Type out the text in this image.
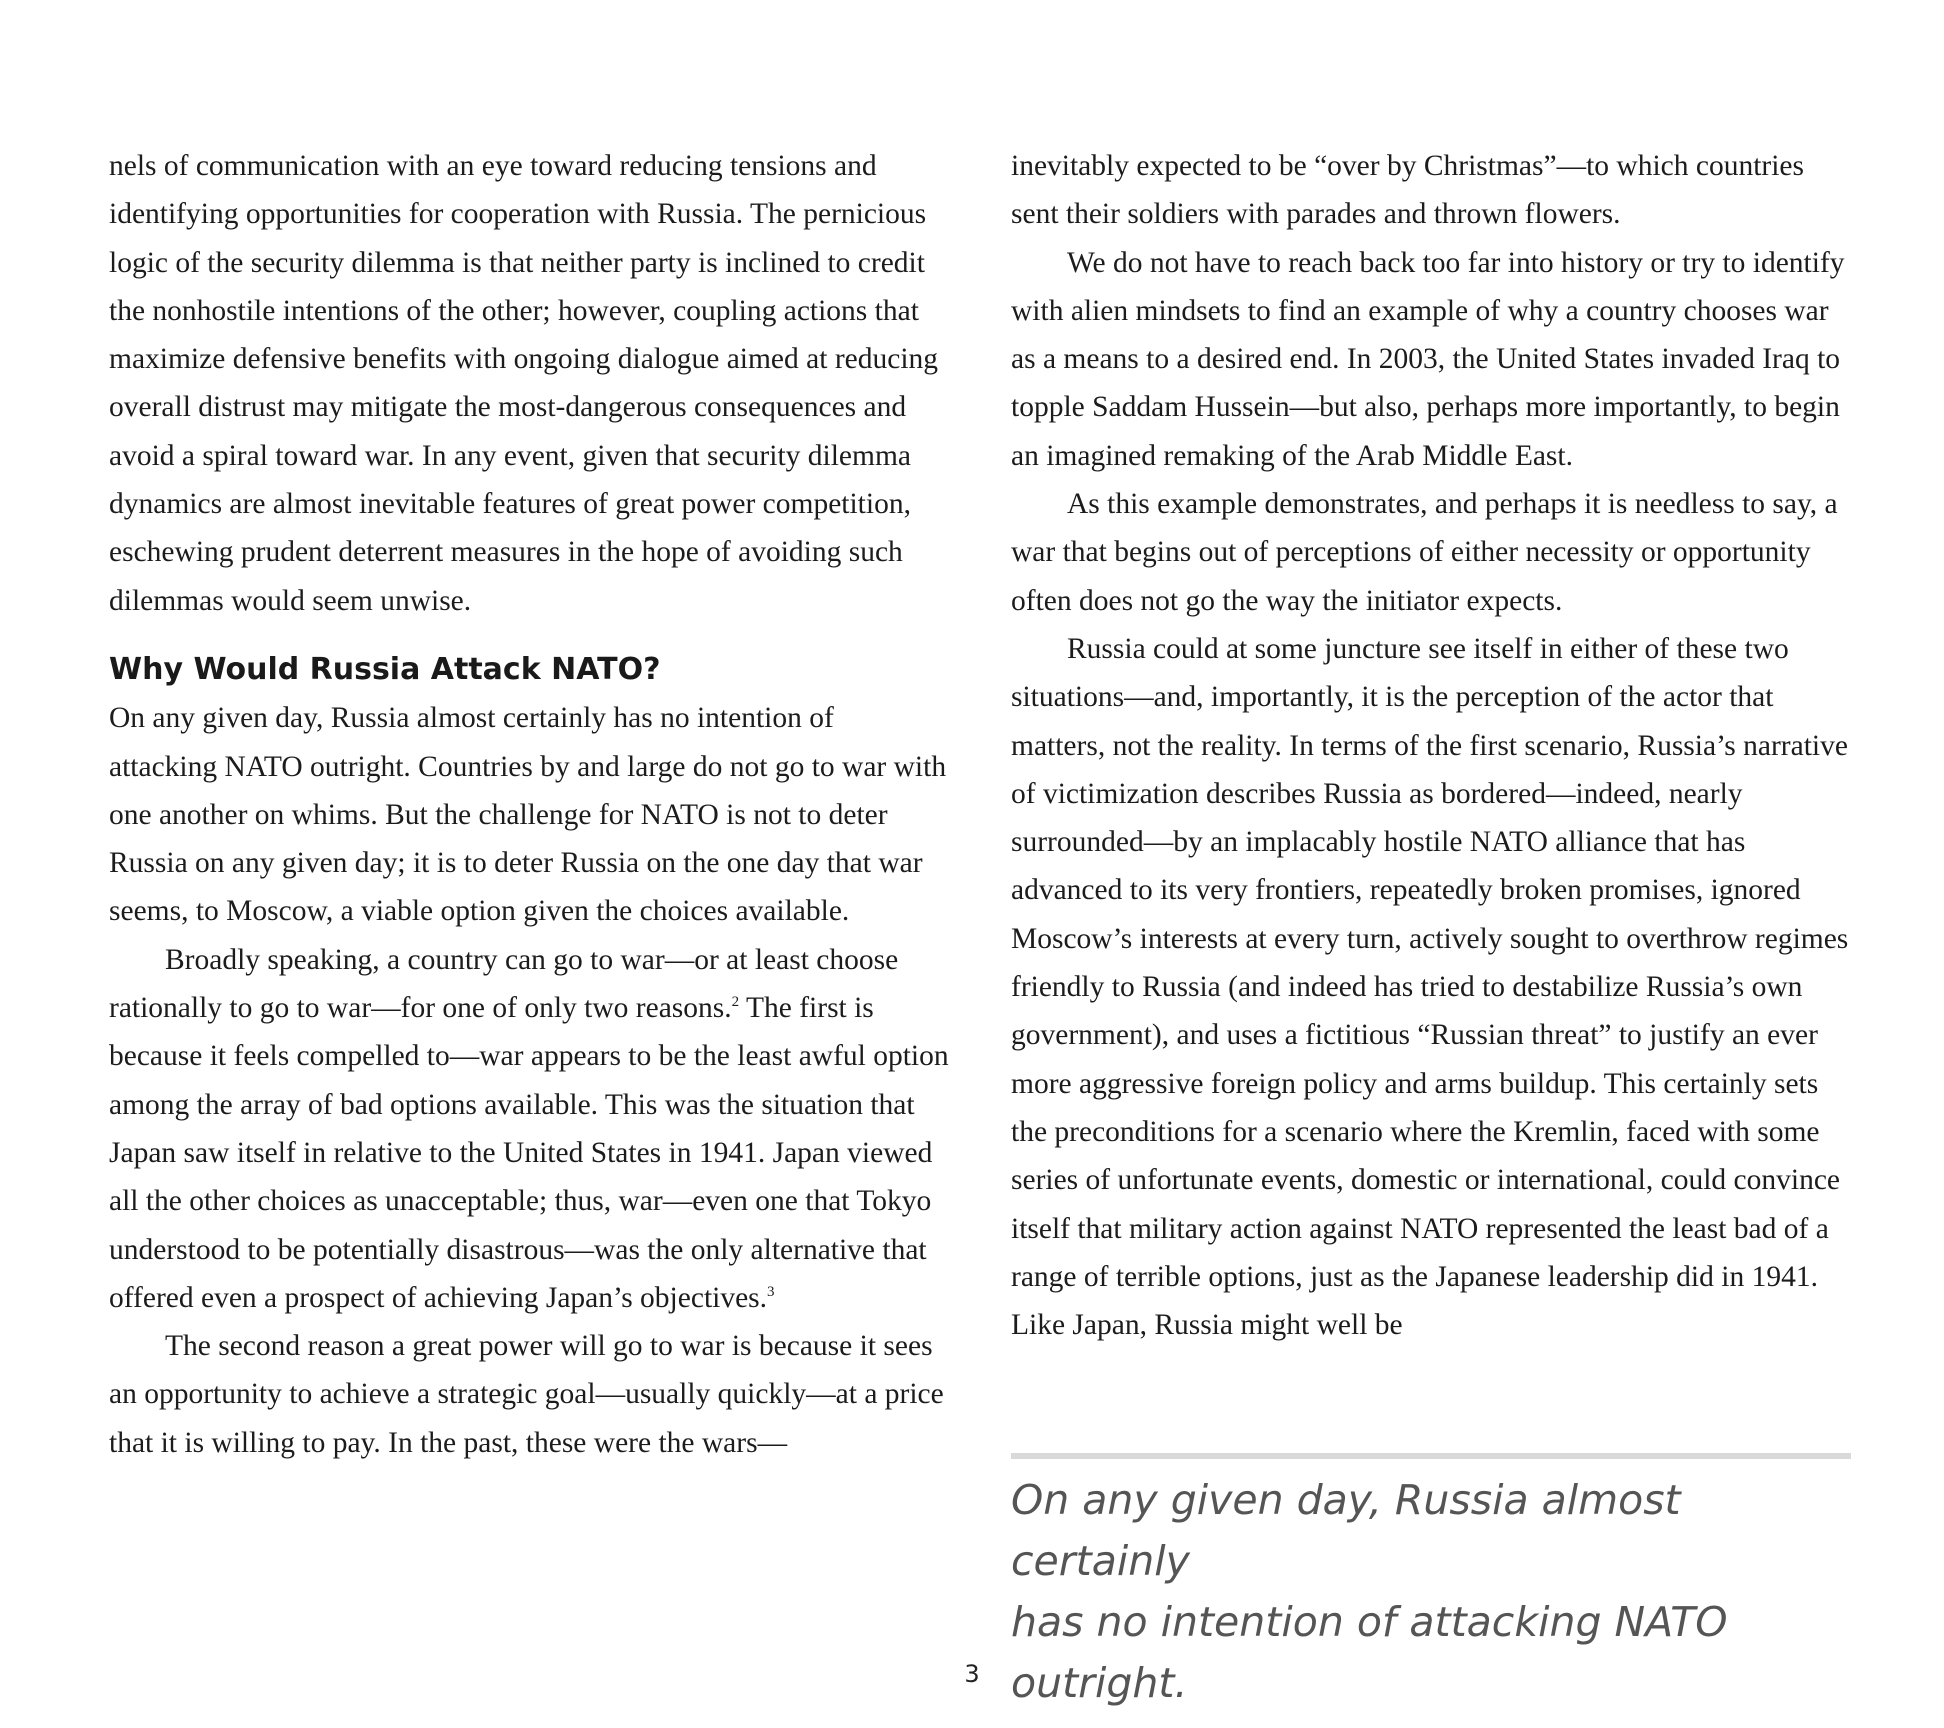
nels of communication with an eye toward reducing tensions and identifying opportunities for cooperation with Russia. The pernicious logic of the security dilemma is that neither party is inclined to credit the nonhostile intentions of the other; however, coupling actions that maximize defensive benefits with ongoing dialogue aimed at reducing overall distrust may mitigate the most-dangerous consequences and avoid a spiral toward war. In any event, given that security dilemma dynamics are almost inevitable features of great power competition, eschewing prudent deterrent measures in the hope of avoiding such dilemmas would seem unwise.

Why Would Russia Attack NATO?

On any given day, Russia almost certainly has no intention of attacking NATO outright. Countries by and large do not go to war with one another on whims. But the challenge for NATO is not to deter Russia on any given day; it is to deter Russia on the one day that war seems, to Moscow, a viable option given the choices available.

Broadly speaking, a country can go to war—or at least choose rationally to go to war—for one of only two reasons.$^2$ The first is because it feels compelled to—war appears to be the least awful option among the array of bad options available. This was the situation that Japan saw itself in relative to the United States in 1941. Japan viewed all the other choices as unacceptable; thus, war—even one that Tokyo understood to be potentially disastrous—was the only alternative that offered even a prospect of achieving Japan’s objectives.$^3$

The second reason a great power will go to war is because it sees an opportunity to achieve a strategic goal—usually quickly—at a price that it is willing to pay. In the past, these were the wars—

inevitably expected to be “over by Christmas”—to which countries sent their soldiers with parades and thrown flowers.

We do not have to reach back too far into history or try to identify with alien mindsets to find an example of why a country chooses war as a means to a desired end. In 2003, the United States invaded Iraq to topple Saddam Hussein—but also, perhaps more importantly, to begin an imagined remaking of the Arab Middle East.

As this example demonstrates, and perhaps it is needless to say, a war that begins out of perceptions of either necessity or opportunity often does not go the way the initiator expects.

Russia could at some juncture see itself in either of these two situations—and, importantly, it is the perception of the actor that matters, not the reality. In terms of the first scenario, Russia’s narrative of victimization describes Russia as bordered—indeed, nearly surrounded—by an implacably hostile NATO alliance that has advanced to its very frontiers, repeatedly broken promises, ignored Moscow’s interests at every turn, actively sought to overthrow regimes friendly to Russia (and indeed has tried to destabilize Russia’s own government), and uses a fictitious “Russian threat” to justify an ever more aggressive foreign policy and arms buildup. This certainly sets the preconditions for a scenario where the Kremlin, faced with some series of unfortunate events, domestic or international, could convince itself that military action against NATO represented the least bad of a range of terrible options, just as the Japanese leadership did in 1941. Like Japan, Russia might well be

On any given day, Russia almost certainly
has no intention of attacking NATO outright.

3
